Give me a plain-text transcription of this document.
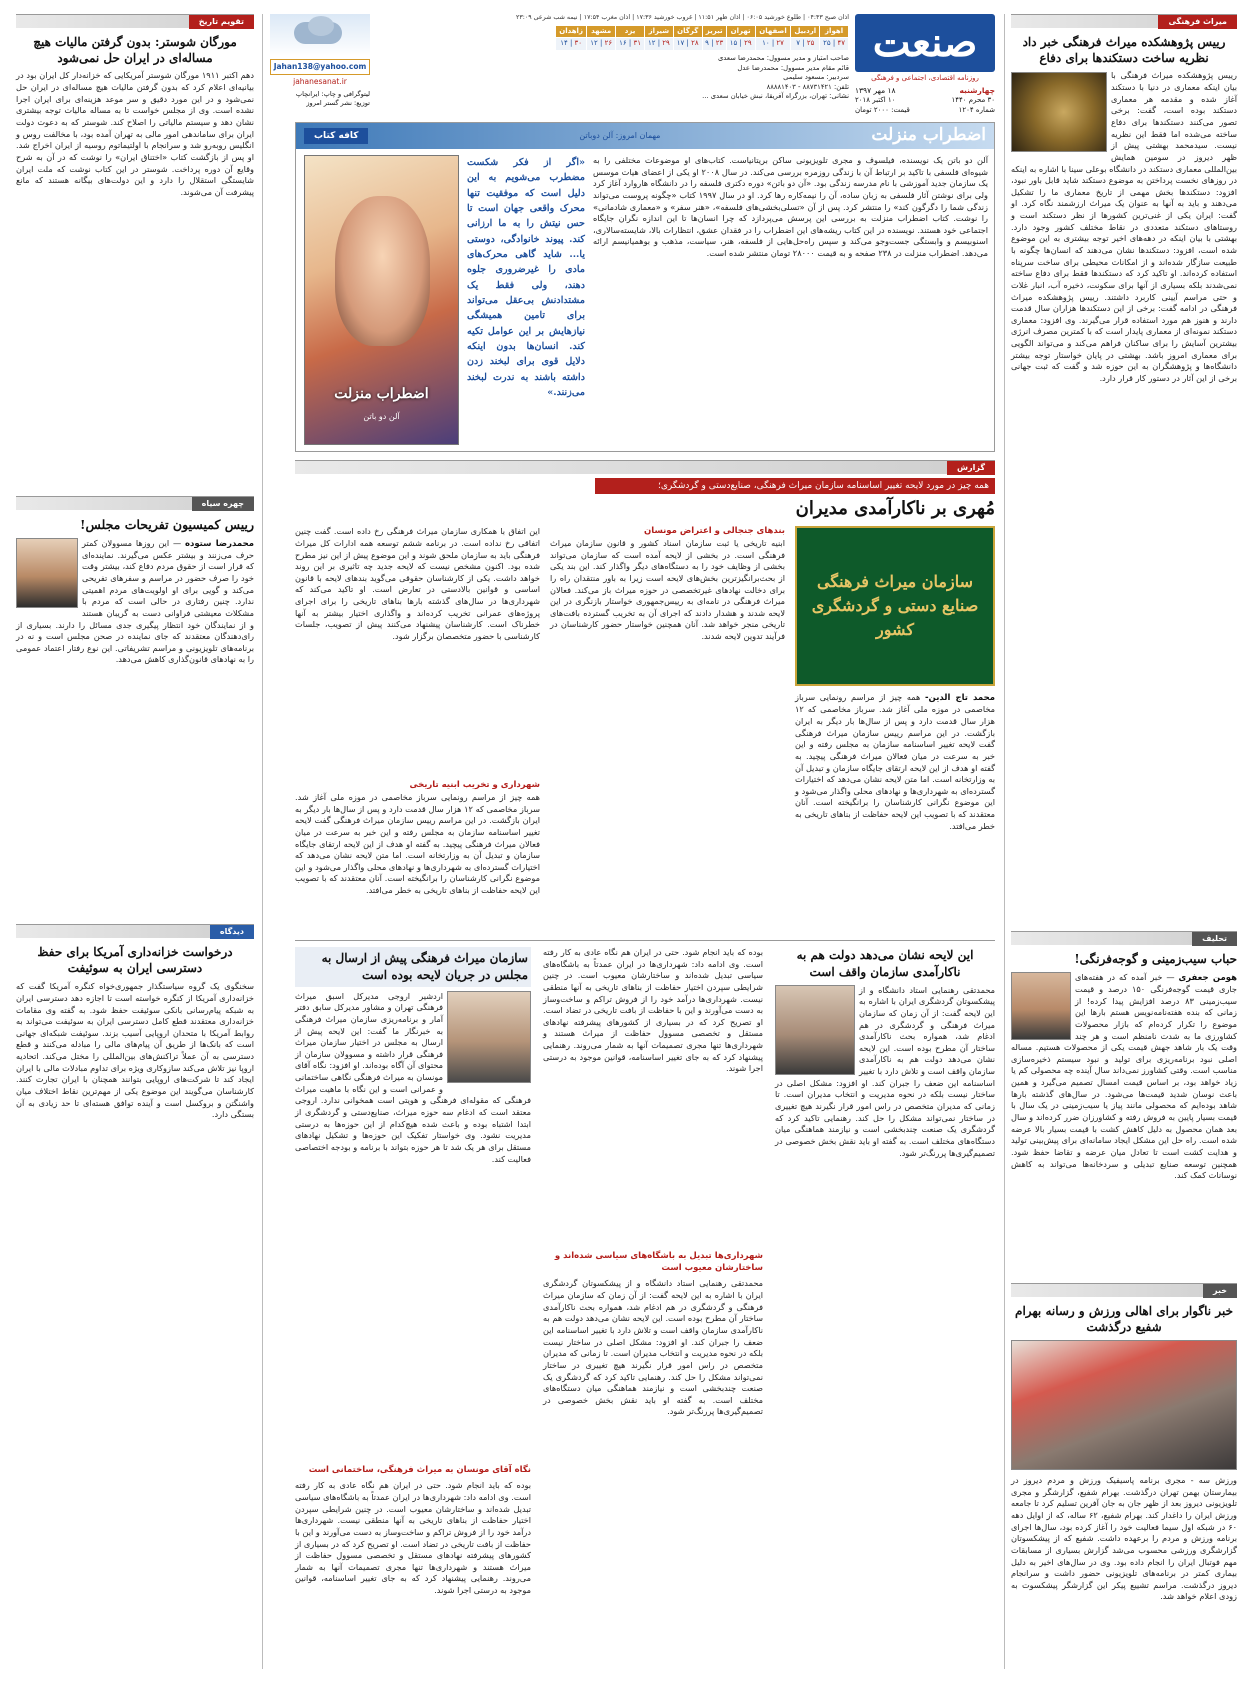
میراث فرهنگی
رییس پژوهشکده میراث فرهنگی خبر داد نظریه ساخت دستکندها برای دفاع
رییس پژوهشکده میراث فرهنگی با بیان اینکه معماری در دنیا با دستکند آغاز شده و مقدمه هر معماری دستکند بوده است، گفت: برخی تصور می‌کنند دستکندها برای دفاع ساخته می‌شده اما فقط این نظریه نیست. سیدمحمد بهشتی پیش از ظهر دیروز در سومین همایش بین‌المللی معماری دستکند در دانشگاه بوعلی سینا با اشاره به اینکه در روزهای نخست پرداختن به موضوع دستکند شاید قابل باور نبود، افزود: دستکندها بخش مهمی از تاریخ معماری ما را تشکیل می‌دهند و باید به آنها به عنوان یک میراث ارزشمند نگاه کرد. او گفت: ایران یکی از غنی‌ترین کشورها از نظر دستکند است و روستاهای دستکند متعددی در نقاط مختلف کشور وجود دارد. بهشتی با بیان اینکه در دهه‌های اخیر توجه بیشتری به این موضوع شده است، افزود: دستکندها نشان می‌دهند که انسان‌ها چگونه با طبیعت سازگار شده‌اند و از امکانات محیطی برای ساخت سرپناه استفاده کرده‌اند. او تاکید کرد که دستکندها فقط برای دفاع ساخته نمی‌شدند بلکه بسیاری از آنها برای سکونت، ذخیره آب، انبار غلات و حتی مراسم آیینی کاربرد داشتند. رییس پژوهشکده میراث فرهنگی در ادامه گفت: برخی از این دستکندها هزاران سال قدمت دارند و هنوز هم مورد استفاده قرار می‌گیرند. وی افزود: معماری دستکند نمونه‌ای از معماری پایدار است که با کمترین مصرف انرژی بیشترین آسایش را برای ساکنان فراهم می‌کند و می‌تواند الگویی برای معماری امروز باشد. بهشتی در پایان خواستار توجه بیشتر دانشگاه‌ها و پژوهشگران به این حوزه شد و گفت که ثبت جهانی برخی از این آثار در دستور کار قرار دارد.
تحلیف
حباب سیب‌زمینی و گوجه‌فرنگی!
هومن جعفری — خبر آمده که در هفته‌های جاری قیمت گوجه‌فرنگی ۱۵۰ درصد و قیمت سیب‌زمینی ۸۳ درصد افزایش پیدا کرده! از زمانی که بنده هفته‌نامه‌نویس هستم بارها این موضوع را تکرار کرده‌ام که بازار محصولات کشاورزی ما به شدت نامنظم است و هر چند وقت یک بار شاهد جهش قیمت یکی از محصولات هستیم. مساله اصلی نبود برنامه‌ریزی برای تولید و نبود سیستم ذخیره‌سازی مناسب است. وقتی کشاورز نمی‌داند سال آینده چه محصولی کم یا زیاد خواهد بود، بر اساس قیمت امسال تصمیم می‌گیرد و همین باعث نوسان شدید قیمت‌ها می‌شود. در سال‌های گذشته بارها شاهد بوده‌ایم که محصولی مانند پیاز یا سیب‌زمینی در یک سال با قیمت بسیار پایین به فروش رفته و کشاورزان ضرر کرده‌اند و سال بعد همان محصول به دلیل کاهش کشت با قیمت بسیار بالا عرضه شده است. راه حل این مشکل ایجاد سامانه‌ای برای پیش‌بینی تولید و هدایت کشت است تا تعادل میان عرضه و تقاضا حفظ شود. همچنین توسعه صنایع تبدیلی و سردخانه‌ها می‌تواند به کاهش نوسانات کمک کند.
خبر
خبر ناگوار برای اهالی ورزش و رسانه بهرام شفیع درگذشت
ورزش سه - مجری برنامه پاسیفیک ورزش و مردم دیروز در بیمارستان بهمن تهران درگذشت. بهرام شفیع، گزارشگر و مجری تلویزیونی دیروز بعد از ظهر جان به جان آفرین تسلیم کرد تا جامعه ورزش ایران را داغدار کند. بهرام شفیع، ۶۲ ساله، که از اوایل دهه ۶۰ در شبکه اول سیما فعالیت خود را آغاز کرده بود، سال‌ها اجرای برنامه ورزش و مردم را برعهده داشت. شفیع که از پیشکسوتان گزارشگری ورزشی محسوب می‌شد گزارش بسیاری از مسابقات مهم فوتبال ایران را انجام داده بود. وی در سال‌های اخیر به دلیل بیماری کمتر در برنامه‌های تلویزیونی حضور داشت و سرانجام دیروز درگذشت. مراسم تشییع پیکر این گزارشگر پیشکسوت به زودی اعلام خواهد شد.
صنعت
روزنامه اقتصادی، اجتماعی و فرهنگی
چهارشنبه
۱۸ مهر ۱۳۹۷
۳۰ محرم ۱۴۴۰
۱۰ اکتبر ۲۰۱۸
شماره ۱۲۰۴
قیمت: ۲۰۰۰ تومان
اذان صبح ۰۴:۴۳ | طلوع خورشید ۰۶:۰۵ | اذان ظهر ۱۱:۵۱ | غروب خورشید ۱۷:۳۶ | اذان مغرب ۱۷:۵۴ | نیمه شب شرعی ۲۳:۰۹
اهواز	اردبیل	اصفهان	تهران	تبریز	گرگان	شیراز	یزد	مشهد	زاهدان
۴۷ | ۲۵	۲۵ | ۷	۲۷ | ۱۰	۲۹ | ۱۵	۲۳ | ۹	۲۸ | ۱۷	۲۹ | ۱۲	۳۱ | ۱۶	۲۶ | ۱۲	۳۰ | ۱۴
صاحب امتیاز و مدیر مسوول: محمدرضا سعدی
قائم مقام مدیر مسوول: محمدرضا عدل
سردبیر: مسعود سلیمی
تلفن: ۸۸۷۳۱۴۲۱ - ۸۸۸۸۱۴۰۳
نشانی: تهران، بزرگراه آفریقا، نبش خیابان سعدی ...
Jahan138@yahoo.com
jahanesanat.ir
لیتوگرافی و چاپ: ایرانچاپ
توزیع: نشر گستر امروز
اضطراب منزلت
مهمان امروز: آلن دوباتن
کافه کتاب
آلن دو باتن یک نویسنده، فیلسوف و مجری تلویزیونی ساکن بریتانیاست. کتاب‌های او موضوعات مختلفی را به شیوه‌ای فلسفی با تاکید بر ارتباط آن با زندگی روزمره بررسی می‌کند. در سال ۲۰۰۸ او یکی از اعضای هیات موسس یک سازمان جدید آموزشی با نام مدرسه زندگی بود. «آن دو باتن» دوره دکتری فلسفه را در دانشگاه هاروارد آغاز کرد ولی برای نوشتن آثار فلسفی به زبان ساده، آن را نیمه‌کاره رها کرد. او در سال ۱۹۹۷ کتاب «چگونه پروست می‌تواند زندگی شما را دگرگون کند» را منتشر کرد. پس از آن «تسلی‌بخشی‌های فلسفه»، «هنر سفر» و «معماری شادمانی» را نوشت. کتاب اضطراب منزلت به بررسی این پرسش می‌پردازد که چرا انسان‌ها تا این اندازه نگران جایگاه اجتماعی خود هستند. نویسنده در این کتاب ریشه‌های این اضطراب را در فقدان عشق، انتظارات بالا، شایسته‌سالاری، اسنوبیسم و وابستگی جست‌وجو می‌کند و سپس راه‌حل‌هایی از فلسفه، هنر، سیاست، مذهب و بوهمیانیسم ارائه می‌دهد. اضطراب منزلت در ۲۳۸ صفحه و به قیمت ۲۸۰۰۰ تومان منتشر شده است.
«اگر از فکر شکست مضطرب می‌شویم به این دلیل است که موفقیت تنها محرک واقعی جهان است تا حس نیتش را به ما ارزانی کند. پیوند خانوادگی، دوستی یا... شاید گاهی محرک‌های مادی را غیرضروری جلوه دهند، ولی فقط یک مشتدادنش بی‌عقل می‌تواند برای تامین همیشگی نیازهایش بر این عوامل تکیه کند. انسان‌ها بدون اینکه دلایل قوی برای لبخند زدن داشته باشند به ندرت لبخند می‌زنند.»
اضطراب منزلت
آلن دو باتن
گزارش
همه چیز در مورد لایحه تغییر اساسنامه سازمان میراث فرهنگی، صنایع‌دستی و گردشگری؛
مُهری بر ناکارآمدی مدیران
سازمان میراث فرهنگی صنایع دستی و گردشگری کشور
محمد تاج الدین- همه چیز از مراسم رونمایی سرباز مخاصمی در موزه ملی آغاز شد. سرباز مخاصمی که ۱۲ هزار سال قدمت دارد و پس از سال‌ها بار دیگر به ایران بازگشت. در این مراسم رییس سازمان میراث فرهنگی گفت لایحه تغییر اساسنامه سازمان به مجلس رفته و این خبر به سرعت در میان فعالان میراث فرهنگی پیچید. به گفته او هدف از این لایحه ارتقای جایگاه سازمان و تبدیل آن به وزارتخانه است. اما متن لایحه نشان می‌دهد که اختیارات گسترده‌ای به شهرداری‌ها و نهادهای محلی واگذار می‌شود و این موضوع نگرانی کارشناسان را برانگیخته است. آنان معتقدند که با تصویب این لایحه حفاظت از بناهای تاریخی به خطر می‌افتد.
بندهای جنجالی و اعتراض مونسان
ابنیه تاریخی یا ثبت سازمان اسناد کشور و قانون سازمان میراث فرهنگی است. در بخشی از لایحه آمده است که سازمان می‌تواند بخشی از وظایف خود را به دستگاه‌های دیگر واگذار کند. این بند یکی از بحث‌برانگیزترین بخش‌های لایحه است زیرا به باور منتقدان راه را برای دخالت نهادهای غیرتخصصی در حوزه میراث باز می‌کند. فعالان میراث فرهنگی در نامه‌ای به رییس‌جمهوری خواستار بازنگری در این لایحه شدند و هشدار دادند که اجرای آن به تخریب گسترده بافت‌های تاریخی منجر خواهد شد. آنان همچنین خواستار حضور کارشناسان در فرآیند تدوین لایحه شدند.
این اتفاق با همکاری سازمان میراث فرهنگی رخ داده است. گفت چنین اتفاقی رخ نداده است. در برنامه ششم توسعه همه ادارات کل میراث فرهنگی باید به سازمان ملحق شوند و این موضوع پیش از این نیز مطرح شده بود. اکنون مشخص نیست که لایحه جدید چه تاثیری بر این روند خواهد داشت. یکی از کارشناسان حقوقی می‌گوید بندهای لایحه با قانون اساسی و قوانین بالادستی در تعارض است. او تاکید می‌کند که شهرداری‌ها در سال‌های گذشته بارها بناهای تاریخی را برای اجرای پروژه‌های عمرانی تخریب کرده‌اند و واگذاری اختیار بیشتر به آنها خطرناک است. کارشناسان پیشنهاد می‌کنند پیش از تصویب، جلسات کارشناسی با حضور متخصصان برگزار شود.
شهرداری و تخریب ابنیه تاریخی
همه چیز از مراسم رونمایی سرباز مخاصمی در موزه ملی آغاز شد. سرباز مخاصمی که ۱۲ هزار سال قدمت دارد و پس از سال‌ها بار دیگر به ایران بازگشت. در این مراسم رییس سازمان میراث فرهنگی گفت لایحه تغییر اساسنامه سازمان به مجلس رفته و این خبر به سرعت در میان فعالان میراث فرهنگی پیچید. به گفته او هدف از این لایحه ارتقای جایگاه سازمان و تبدیل آن به وزارتخانه است. اما متن لایحه نشان می‌دهد که اختیارات گسترده‌ای به شهرداری‌ها و نهادهای محلی واگذار می‌شود و این موضوع نگرانی کارشناسان را برانگیخته است. آنان معتقدند که با تصویب این لایحه حفاظت از بناهای تاریخی به خطر می‌افتد.
این لایحه نشان می‌دهد دولت هم به ناکارآمدی سازمان واقف است
محمدتقی رهنمایی استاد دانشگاه و از پیشکسوتان گردشگری ایران با اشاره به این لایحه گفت: از آن زمان که سازمان میراث فرهنگی و گردشگری در هم ادغام شد، همواره بحث ناکارآمدی ساختار آن مطرح بوده است. این لایحه نشان می‌دهد دولت هم به ناکارآمدی سازمان واقف است و تلاش دارد با تغییر اساسنامه این ضعف را جبران کند. او افزود: مشکل اصلی در ساختار نیست بلکه در نحوه مدیریت و انتخاب مدیران است. تا زمانی که مدیران متخصص در راس امور قرار نگیرند هیچ تغییری در ساختار نمی‌تواند مشکل را حل کند. رهنمایی تاکید کرد که گردشگری یک صنعت چندبخشی است و نیازمند هماهنگی میان دستگاه‌های مختلف است. به گفته او باید نقش بخش خصوصی در تصمیم‌گیری‌ها پررنگ‌تر شود.
بوده که باید انجام شود. حتی در ایران هم نگاه عادی به کار رفته است. وی ادامه داد: شهرداری‌ها در ایران عمدتاً به باشگاه‌های سیاسی تبدیل شده‌اند و ساختارشان معیوب است. در چنین شرایطی سپردن اختیار حفاظت از بناهای تاریخی به آنها منطقی نیست. شهرداری‌ها درآمد خود را از فروش تراکم و ساخت‌وساز به دست می‌آورند و این با حفاظت از بافت تاریخی در تضاد است. او تصریح کرد که در بسیاری از کشورهای پیشرفته نهادهای مستقل و تخصصی مسوول حفاظت از میراث هستند و شهرداری‌ها تنها مجری تصمیمات آنها به شمار می‌روند. رهنمایی پیشنهاد کرد که به جای تغییر اساسنامه، قوانین موجود به درستی اجرا شوند.
شهرداری‌ها تبدیل به باشگاه‌های سیاسی شده‌اند و ساختارشان معیوب است
محمدتقی رهنمایی استاد دانشگاه و از پیشکسوتان گردشگری ایران با اشاره به این لایحه گفت: از آن زمان که سازمان میراث فرهنگی و گردشگری در هم ادغام شد، همواره بحث ناکارآمدی ساختار آن مطرح بوده است. این لایحه نشان می‌دهد دولت هم به ناکارآمدی سازمان واقف است و تلاش دارد با تغییر اساسنامه این ضعف را جبران کند. او افزود: مشکل اصلی در ساختار نیست بلکه در نحوه مدیریت و انتخاب مدیران است. تا زمانی که مدیران متخصص در راس امور قرار نگیرند هیچ تغییری در ساختار نمی‌تواند مشکل را حل کند. رهنمایی تاکید کرد که گردشگری یک صنعت چندبخشی است و نیازمند هماهنگی میان دستگاه‌های مختلف است. به گفته او باید نقش بخش خصوصی در تصمیم‌گیری‌ها پررنگ‌تر شود.
سازمان میراث فرهنگی پیش از ارسال به مجلس در جریان لایحه بوده است
اردشیر اروجی مدیرکل اسبق میراث فرهنگی تهران و مشاور مدیرکل سابق دفتر آمار و برنامه‌ریزی سازمان میراث فرهنگی به خبرنگار ما گفت: این لایحه پیش از ارسال به مجلس در اختیار سازمان میراث فرهنگی قرار داشته و مسوولان سازمان از محتوای آن آگاه بوده‌اند. او افزود: نگاه آقای مونسان به میراث فرهنگی نگاهی ساختمانی و عمرانی است و این نگاه با ماهیت میراث فرهنگی که مقوله‌ای فرهنگی و هویتی است همخوانی ندارد. اروجی معتقد است که ادغام سه حوزه میراث، صنایع‌دستی و گردشگری از ابتدا اشتباه بوده و باعث شده هیچ‌کدام از این حوزه‌ها به درستی مدیریت نشود. وی خواستار تفکیک این حوزه‌ها و تشکیل نهادهای مستقل برای هر یک شد تا هر حوزه بتواند با برنامه و بودجه اختصاصی فعالیت کند.
نگاه آقای مونسان به میراث فرهنگی، ساختمانی است
بوده که باید انجام شود. حتی در ایران هم نگاه عادی به کار رفته است. وی ادامه داد: شهرداری‌ها در ایران عمدتاً به باشگاه‌های سیاسی تبدیل شده‌اند و ساختارشان معیوب است. در چنین شرایطی سپردن اختیار حفاظت از بناهای تاریخی به آنها منطقی نیست. شهرداری‌ها درآمد خود را از فروش تراکم و ساخت‌وساز به دست می‌آورند و این با حفاظت از بافت تاریخی در تضاد است. او تصریح کرد که در بسیاری از کشورهای پیشرفته نهادهای مستقل و تخصصی مسوول حفاظت از میراث هستند و شهرداری‌ها تنها مجری تصمیمات آنها به شمار می‌روند. رهنمایی پیشنهاد کرد که به جای تغییر اساسنامه، قوانین موجود به درستی اجرا شوند.
تقویم تاریخ
مورگان شوستر: بدون گرفتن مالیات هیچ مساله‌ای در ایران حل نمی‌شود
دهم اکتبر ۱۹۱۱ مورگان شوستر آمریکایی که خزانه‌دار کل ایران بود در بیانیه‌ای اعلام کرد که بدون گرفتن مالیات هیچ مساله‌ای در ایران حل نمی‌شود و در این مورد دقیق و سر موعد هزینه‌ای برای ایران اجرا نشده است. وی از مجلس خواست تا به مساله مالیات توجه بیشتری نشان دهد و سیستم مالیاتی را اصلاح کند. شوستر که به دعوت دولت ایران برای ساماندهی امور مالی به تهران آمده بود، با مخالفت روس و انگلیس روبه‌رو شد و سرانجام با اولتیماتوم روسیه از ایران اخراج شد. او پس از بازگشت کتاب «اختناق ایران» را نوشت که در آن به شرح وقایع آن دوره پرداخت. شوستر در این کتاب نوشت که ملت ایران شایستگی استقلال را دارد و این دولت‌های بیگانه هستند که مانع پیشرفت آن می‌شوند.
چهره سیاه
رییس کمیسیون تفریحات مجلس!
محمدرضا ستوده — این روزها مسوولان کمتر حرف می‌زنند و بیشتر عکس می‌گیرند. نماینده‌ای که قرار است از حقوق مردم دفاع کند، بیشتر وقت خود را صرف حضور در مراسم و سفرهای تفریحی می‌کند و گویی برای او اولویت‌های مردم اهمیتی ندارد. چنین رفتاری در حالی است که مردم با مشکلات معیشتی فراوانی دست به گریبان هستند و از نمایندگان خود انتظار پیگیری جدی مسائل را دارند. بسیاری از رای‌دهندگان معتقدند که جای نماینده در صحن مجلس است و نه در برنامه‌های تلویزیونی و مراسم تشریفاتی. این نوع رفتار اعتماد عمومی را به نهادهای قانون‌گذاری کاهش می‌دهد.
دیدگاه
درخواست خزانه‌داری آمریکا برای حفظ دسترسی ایران به سوئیفت
سخنگوی یک گروه سیاستگذار جمهوری‌خواه کنگره آمریکا گفت که خزانه‌داری آمریکا از کنگره خواسته است تا اجازه دهد دسترسی ایران به شبکه پیام‌رسانی بانکی سوئیفت حفظ شود. به گفته وی مقامات خزانه‌داری معتقدند قطع کامل دسترسی ایران به سوئیفت می‌تواند به روابط آمریکا با متحدان اروپایی آسیب بزند. سوئیفت شبکه‌ای جهانی است که بانک‌ها از طریق آن پیام‌های مالی را مبادله می‌کنند و قطع دسترسی به آن عملاً تراکنش‌های بین‌المللی را مختل می‌کند. اتحادیه اروپا نیز تلاش می‌کند سازوکاری ویژه برای تداوم مبادلات مالی با ایران ایجاد کند تا شرکت‌های اروپایی بتوانند همچنان با ایران تجارت کنند. کارشناسان می‌گویند این موضوع یکی از مهم‌ترین نقاط اختلاف میان واشنگتن و بروکسل است و آینده توافق هسته‌ای تا حد زیادی به آن بستگی دارد.
